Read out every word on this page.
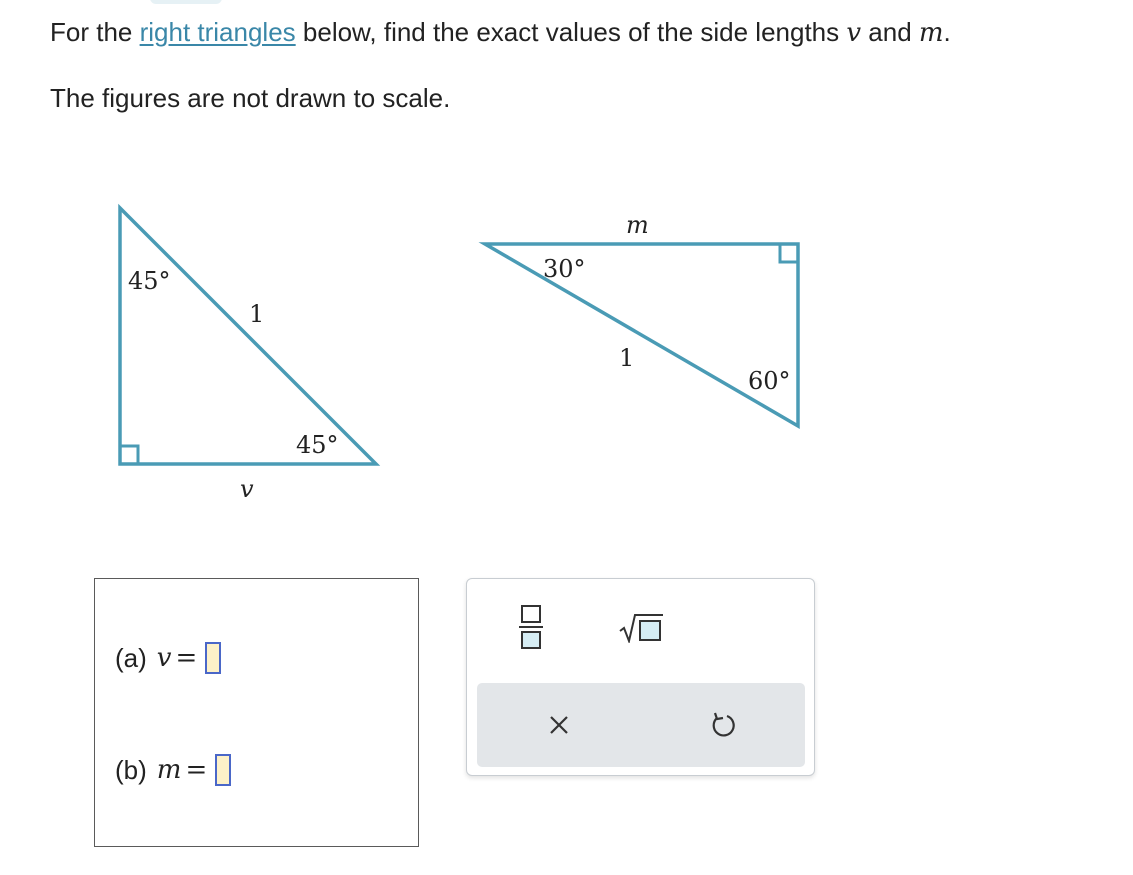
For the right triangles below, find the exact values of the side lengths v and m.
The figures are not drawn to scale.
45°
1
45°
v
m
30°
1
60°
(a) v =
(b) m =
